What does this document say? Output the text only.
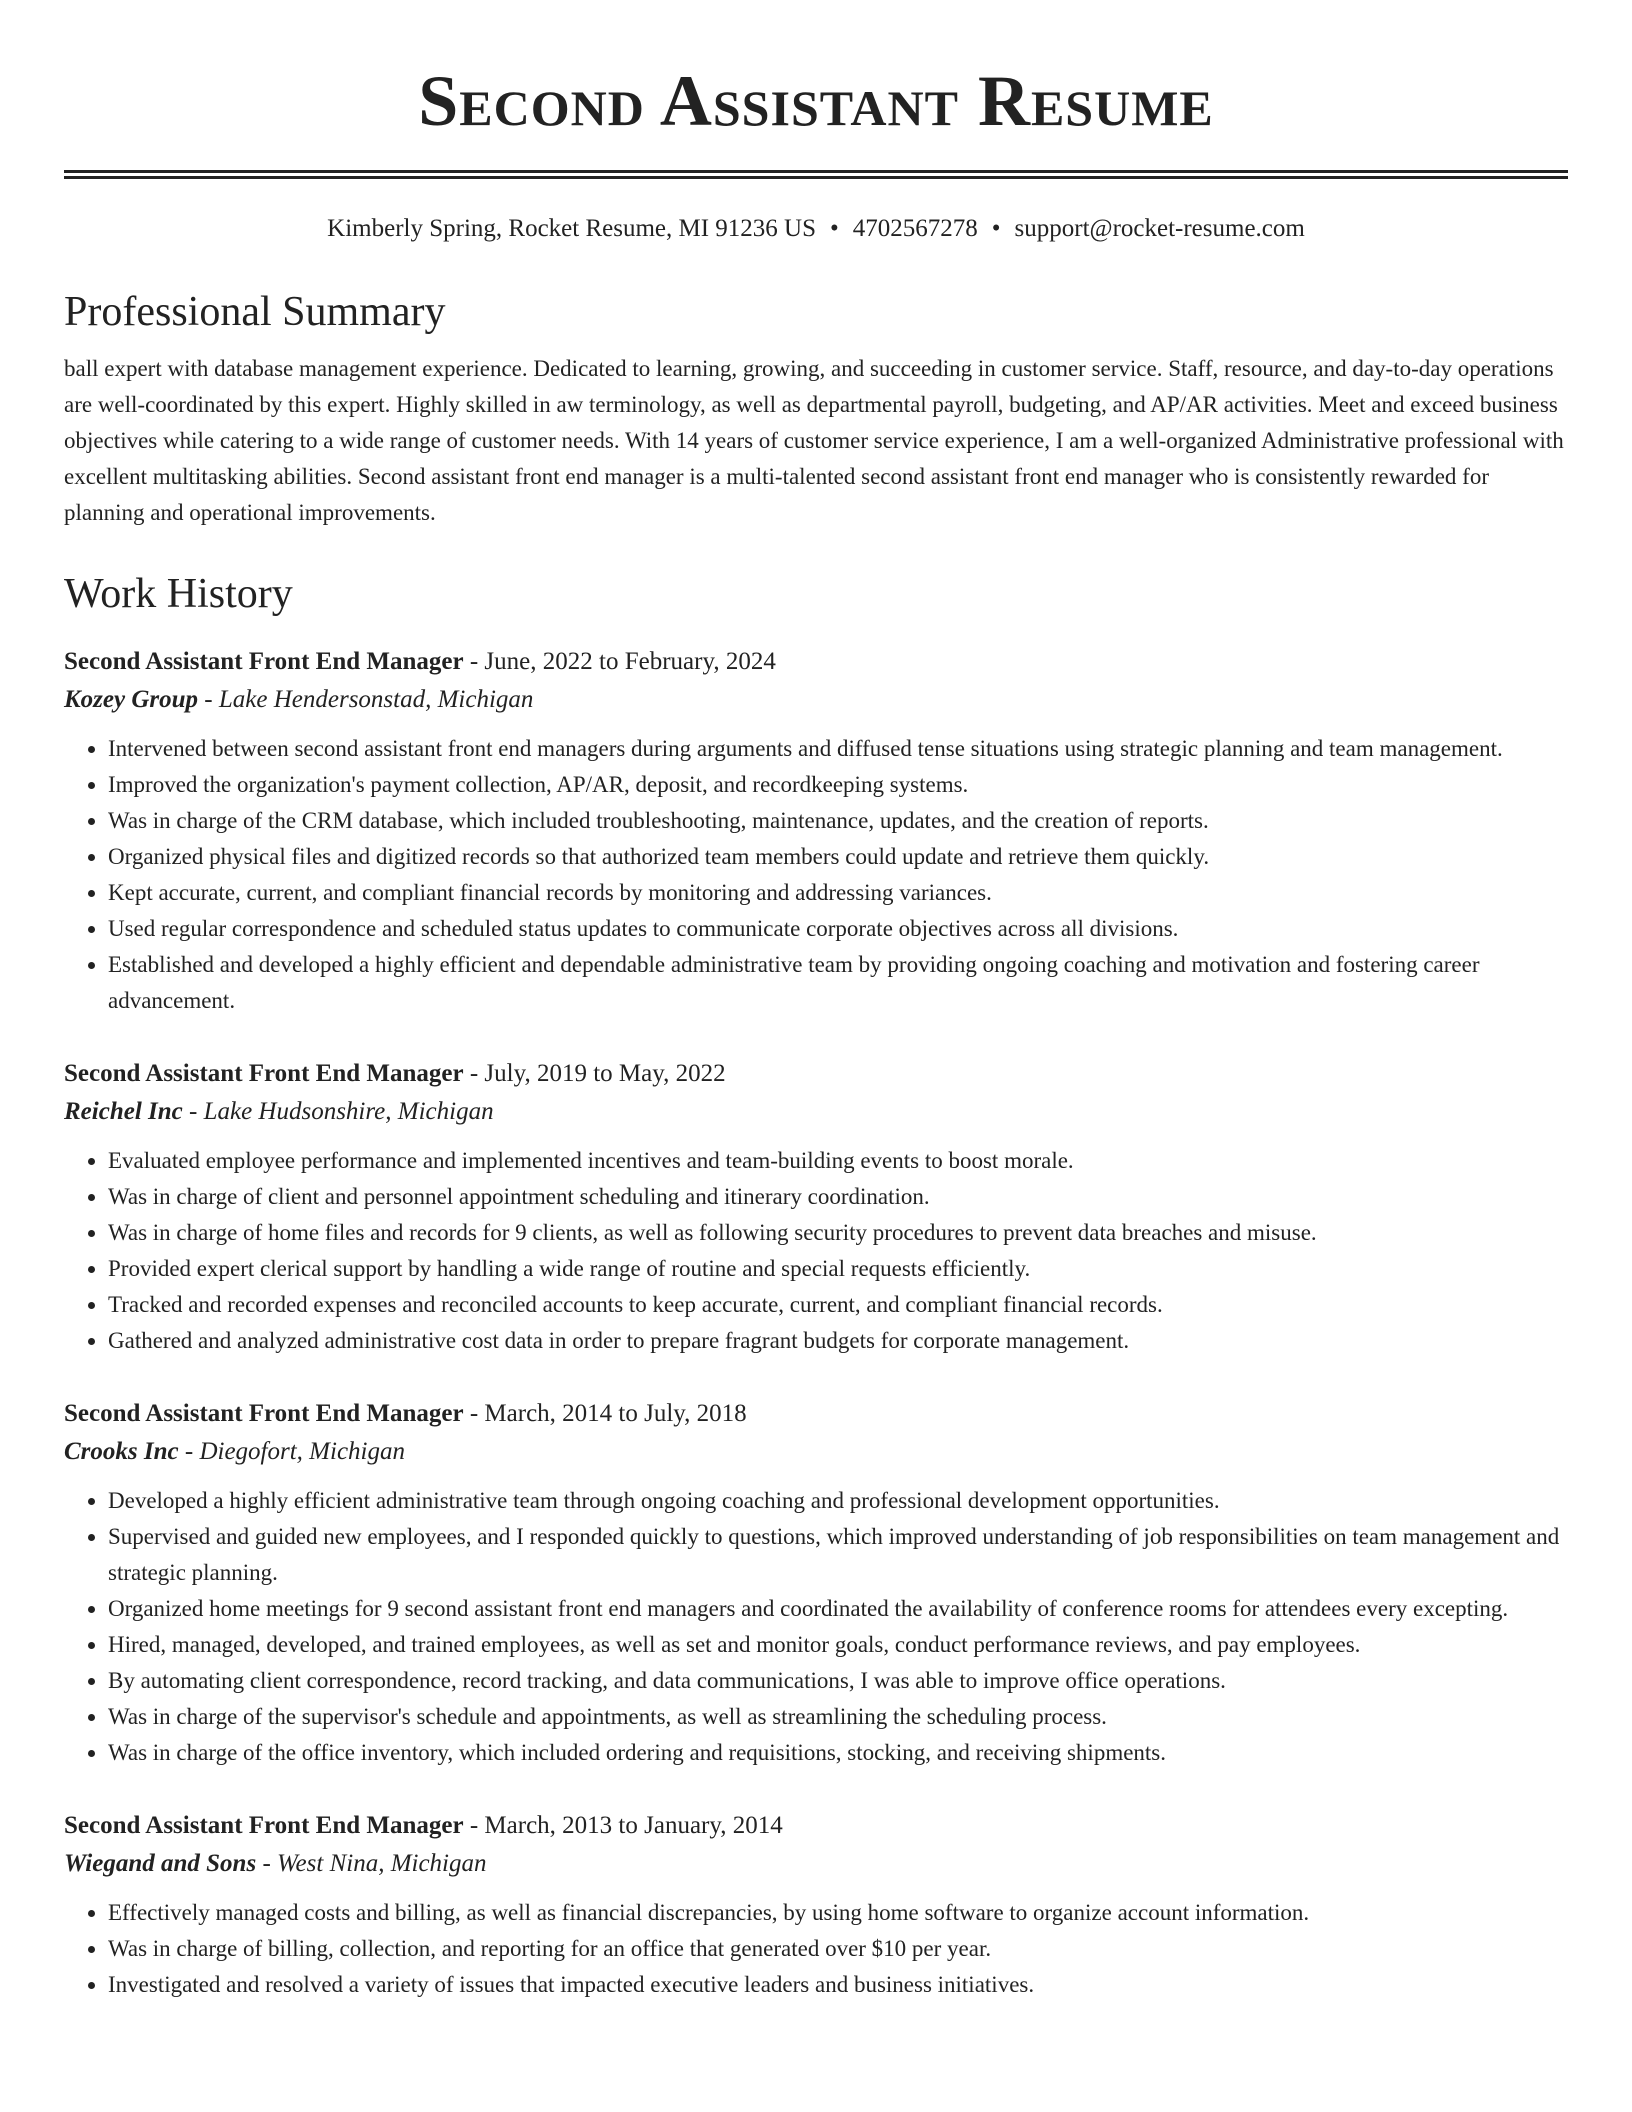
Second Assistant Resume
Kimberly Spring, Rocket Resume, MI 91236 US • 4702567278 • support@rocket-resume.com
Professional Summary

ball expert with database management experience. Dedicated to learning, growing, and succeeding in customer service. Staff, resource, and day-to-day operations are well-coordinated by this expert. Highly skilled in aw terminology, as well as departmental payroll, budgeting, and AP/AR activities. Meet and exceed business objectives while catering to a wide range of customer needs. With 14 years of customer service experience, I am a well-organized Administrative professional with excellent multitasking abilities. Second assistant front end manager is a multi-talented second assistant front end manager who is consistently rewarded for planning and operational improvements.

Work History
Second Assistant Front End Manager - June, 2022 to February, 2024
Kozey Group - Lake Hendersonstad, Michigan
• Intervened between second assistant front end managers during arguments and diffused tense situations using strategic planning and team management.
• Improved the organization's payment collection, AP/AR, deposit, and recordkeeping systems.
• Was in charge of the CRM database, which included troubleshooting, maintenance, updates, and the creation of reports.
• Organized physical files and digitized records so that authorized team members could update and retrieve them quickly.
• Kept accurate, current, and compliant financial records by monitoring and addressing variances.
• Used regular correspondence and scheduled status updates to communicate corporate objectives across all divisions.
• Established and developed a highly efficient and dependable administrative team by providing ongoing coaching and motivation and fostering career advancement.
Second Assistant Front End Manager - July, 2019 to May, 2022
Reichel Inc - Lake Hudsonshire, Michigan
• Evaluated employee performance and implemented incentives and team-building events to boost morale.
• Was in charge of client and personnel appointment scheduling and itinerary coordination.
• Was in charge of home files and records for 9 clients, as well as following security procedures to prevent data breaches and misuse.
• Provided expert clerical support by handling a wide range of routine and special requests efficiently.
• Tracked and recorded expenses and reconciled accounts to keep accurate, current, and compliant financial records.
• Gathered and analyzed administrative cost data in order to prepare fragrant budgets for corporate management.
Second Assistant Front End Manager - March, 2014 to July, 2018
Crooks Inc - Diegofort, Michigan
• Developed a highly efficient administrative team through ongoing coaching and professional development opportunities.
• Supervised and guided new employees, and I responded quickly to questions, which improved understanding of job responsibilities on team management and strategic planning.
• Organized home meetings for 9 second assistant front end managers and coordinated the availability of conference rooms for attendees every excepting.
• Hired, managed, developed, and trained employees, as well as set and monitor goals, conduct performance reviews, and pay employees.
• By automating client correspondence, record tracking, and data communications, I was able to improve office operations.
• Was in charge of the supervisor's schedule and appointments, as well as streamlining the scheduling process.
• Was in charge of the office inventory, which included ordering and requisitions, stocking, and receiving shipments.
Second Assistant Front End Manager - March, 2013 to January, 2014
Wiegand and Sons - West Nina, Michigan
• Effectively managed costs and billing, as well as financial discrepancies, by using home software to organize account information.
• Was in charge of billing, collection, and reporting for an office that generated over $10 per year.
• Investigated and resolved a variety of issues that impacted executive leaders and business initiatives.
